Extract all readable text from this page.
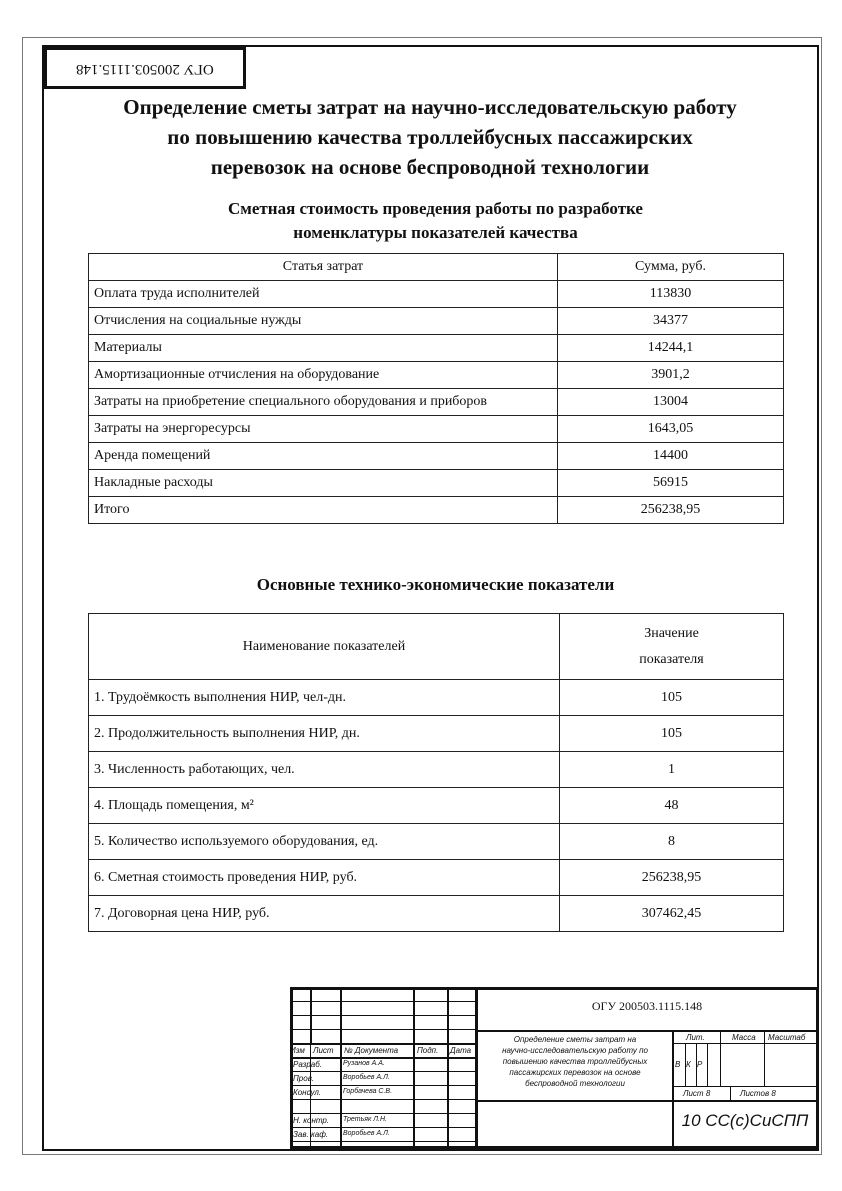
ОГУ 200503.1115.148
Определение сметы затрат на научно-исследовательскую работу
по повышению качества троллейбусных пассажирских
перевозок на основе беспроводной технологии
Сметная стоимость проведения работы по разработке
номенклатуры показателей качества
Статья затрат	Сумма, руб.
Оплата труда исполнителей	113830
Отчисления на социальные нужды	34377
Материалы	14244,1
Амортизационные отчисления на оборудование	3901,2
Затраты на приобретение специального оборудования и приборов	13004
Затраты на энергоресурсы	1643,05
Аренда помещений	14400
Накладные расходы	56915
Итого	256238,95
Основные технико-экономические показатели
Наименование показателей	Значение
показателя

1. Трудоёмкость выполнения НИР, чел-дн.	105
2. Продолжительность выполнения НИР, дн.	105
3. Численность работающих, чел.	1
4. Площадь помещения, м²	48
5. Количество используемого оборудования, ед.	8
6. Сметная стоимость проведения НИР, руб.	256238,95
7. Договорная цена НИР, руб.	307462,45
Изм Лист № Документа Подп. Дата
Разраб.	Рузанов А.А.
Пров.	Воробьев А.Л.
Консул.	Горбачева С.В.
Н. контр. Третьяк Л.Н.
Зав. каф. Воробьев А.Л.
ОГУ 200503.1115.148
Определение сметы затрат на
научно-исследовательскую работу по
повышению качества троллейбусных
пассажирских перевозок на основе
беспроводной технологии
Лит.	Масса Масштаб
В К Р
Лист 8	Листов 8
10 СС(с)СиСПП
